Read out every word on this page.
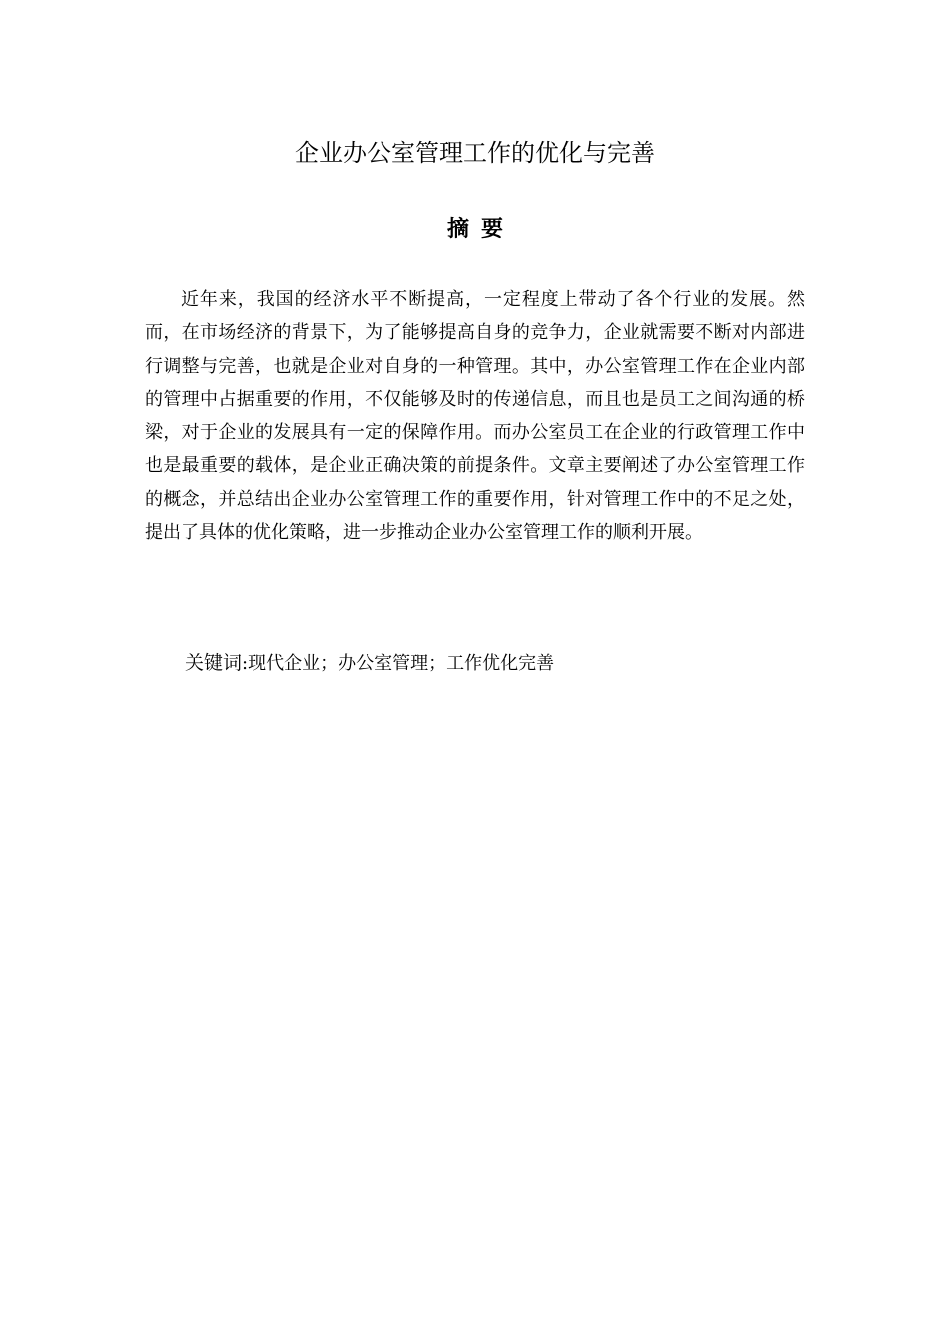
企业办公室管理工作的优化与完善
摘要

近年来，我国的经济水平不断提高，一定程度上带动了各个行业的发展。然而，在市场经济的背景下，为了能够提高自身的竞争力，企业就需要不断对内部进行调整与完善，也就是企业对自身的一种管理。其中，办公室管理工作在企业内部的管理中占据重要的作用，不仅能够及时的传递信息，而且也是员工之间沟通的桥梁，对于企业的发展具有一定的保障作用。而办公室员工在企业的行政管理工作中也是最重要的载体，是企业正确决策的前提条件。文章主要阐述了办公室管理工作的概念，并总结出企业办公室管理工作的重要作用，针对管理工作中的不足之处，提出了具体的优化策略，进一步推动企业办公室管理工作的顺利开展。

关键词:现代企业；办公室管理；工作优化完善
